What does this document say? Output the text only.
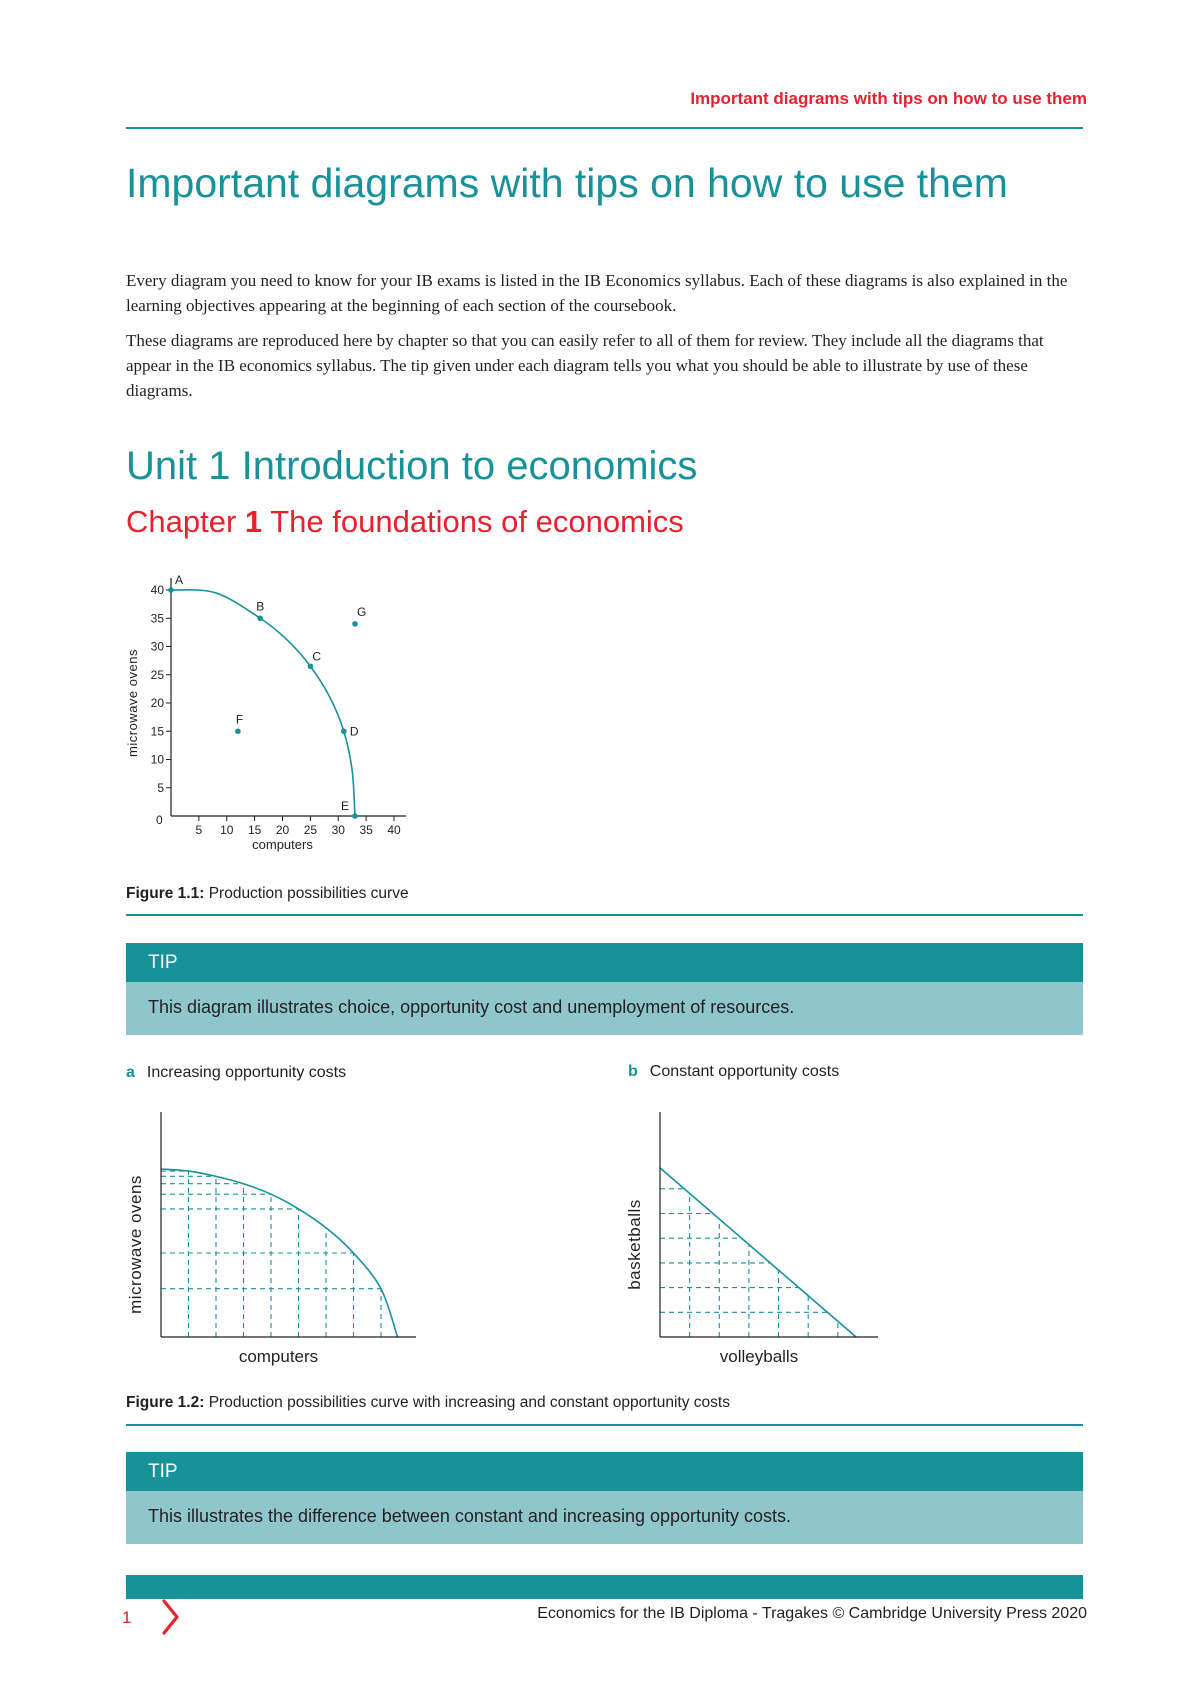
Important diagrams with tips on how to use them
Important diagrams with tips on how to use them

Every diagram you need to know for your IB exams is listed in the IB Economics syllabus. Each of these diagrams is also explained in the learning objectives appearing at the beginning of each section of the coursebook.

These diagrams are reproduced here by chapter so that you can easily refer to all of them for review. They include all the diagrams that appear in the IB economics syllabus. The tip given under each diagram tells you what you should be able to illustrate by use of these diagrams.

Unit 1 Introduction to economics
Chapter 1 The foundations of economics
5 10 15 20 25 30 35 40
5
10
15
20
25
30
35
40
A
B
C
D
E
F
G
computers
microwave ovens
0
Figure 1.1: Production possibilities curve
TIP
This diagram illustrates choice, opportunity cost and unemployment of resources.
a Increasing opportunity costs	b Constant opportunity costs
computers
microwave ovens
volleyballs
basketballs
Figure 1.2: Production possibilities curve with increasing and constant opportunity costs
TIP
This illustrates the difference between constant and increasing opportunity costs.
1	Economics for the IB Diploma - Tragakes © Cambridge University Press 2020
